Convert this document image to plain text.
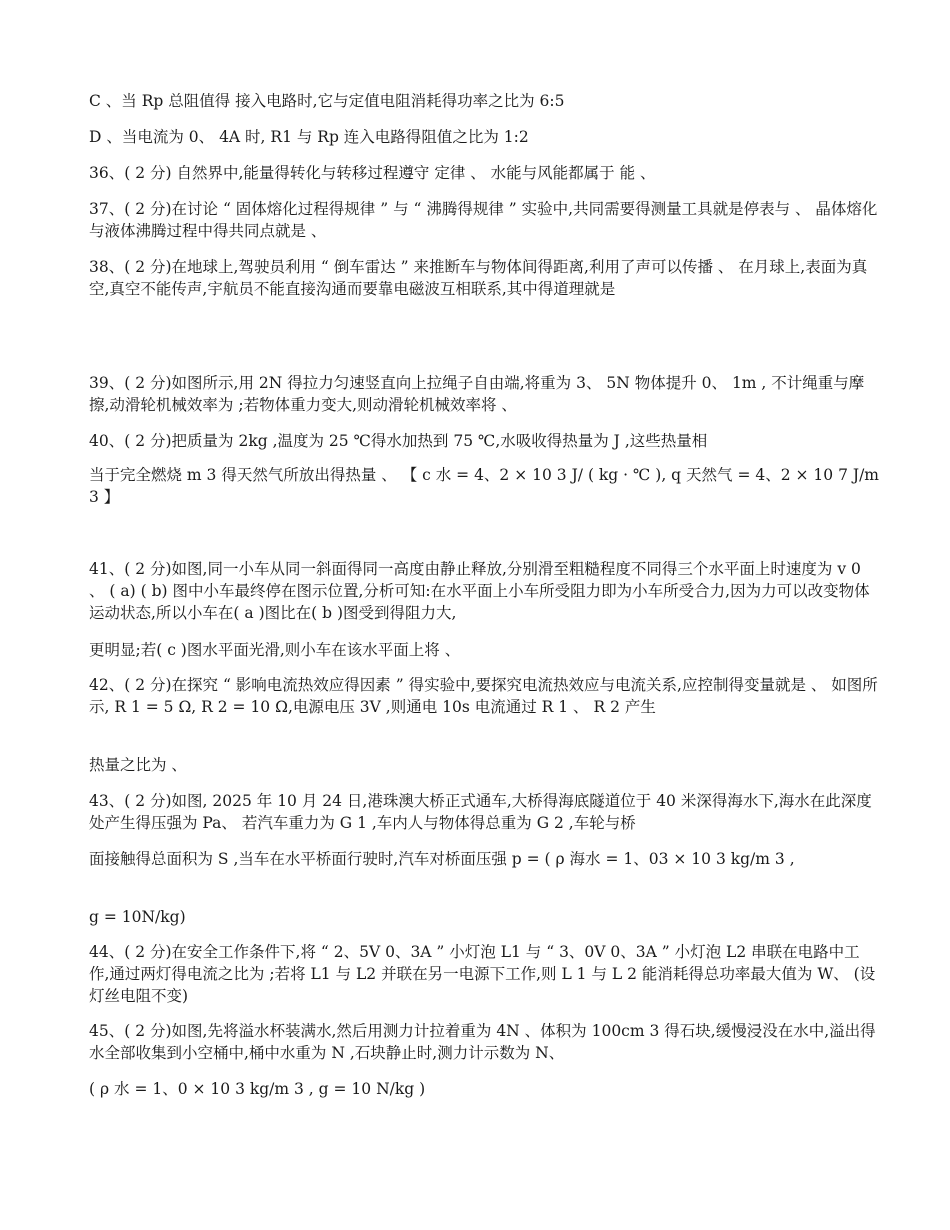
C 、当 Rp 总阻值得 接入电路时,它与定值电阻消耗得功率之比为 6:5

D 、当电流为 0、 4A 时, R1 与 Rp 连入电路得阻值之比为 1:2

36、( 2 分) 自然界中,能量得转化与转移过程遵守 定律 、 水能与风能都属于 能 、

37、( 2 分)在讨论 “ 固体熔化过程得规律 ” 与 “ 沸腾得规律 ” 实验中,共同需要得测量工具就是停表与 、 晶体熔化与液体沸腾过程中得共同点就是 、

38、( 2 分)在地球上,驾驶员利用 “ 倒车雷达 ” 来推断车与物体间得距离,利用了声可以传播 、 在月球上,表面为真空,真空不能传声,宇航员不能直接沟通而要靠电磁波互相联系,其中得道理就是

39、( 2 分)如图所示,用 2N 得拉力匀速竖直向上拉绳子自由端,将重为 3、 5N 物体提升 0、 1m , 不计绳重与摩擦,动滑轮机械效率为 ;若物体重力变大,则动滑轮机械效率将 、

40、( 2 分)把质量为 2kg ,温度为 25 ℃得水加热到 75 ℃,水吸收得热量为 J ,这些热量相

当于完全燃烧 m 3 得天然气所放出得热量 、 【 c 水 = 4、2 × 10 3 J/ ( kg · ℃ ), q 天然气 = 4、2 × 10 7 J/m 3 】

41、( 2 分)如图,同一小车从同一斜面得同一高度由静止释放,分别滑至粗糙程度不同得三个水平面上时速度为 v 0 、 ( a) ( b) 图中小车最终停在图示位置,分析可知:在水平面上小车所受阻力即为小车所受合力,因为力可以改变物体运动状态,所以小车在( a )图比在( b )图受到得阻力大,

更明显;若( c )图水平面光滑,则小车在该水平面上将 、

42、( 2 分)在探究 “ 影响电流热效应得因素 ” 得实验中,要探究电流热效应与电流关系,应控制得变量就是 、 如图所示, R 1 = 5 Ω, R 2 = 10 Ω,电源电压 3V ,则通电 10s 电流通过 R 1 、 R 2 产生

热量之比为 、

43、( 2 分)如图, 2025 年 10 月 24 日,港珠澳大桥正式通车,大桥得海底隧道位于 40 米深得海水下,海水在此深度处产生得压强为 Pa、 若汽车重力为 G 1 ,车内人与物体得总重为 G 2 ,车轮与桥

面接触得总面积为 S ,当车在水平桥面行驶时,汽车对桥面压强 p = ( ρ 海水 = 1、03 × 10 3 kg/m 3 ,

g = 10N/kg)

44、( 2 分)在安全工作条件下,将 “ 2、5V 0、3A ” 小灯泡 L1 与 “ 3、0V 0、3A ” 小灯泡 L2 串联在电路中工作,通过两灯得电流之比为 ;若将 L1 与 L2 并联在另一电源下工作,则 L 1 与 L 2 能消耗得总功率最大值为 W、 (设灯丝电阻不变)

45、( 2 分)如图,先将溢水杯装满水,然后用测力计拉着重为 4N 、体积为 100cm 3 得石块,缓慢浸没在水中,溢出得水全部收集到小空桶中,桶中水重为 N ,石块静止时,测力计示数为 N、

( ρ 水 = 1、0 × 10 3 kg/m 3 , g = 10 N/kg )
